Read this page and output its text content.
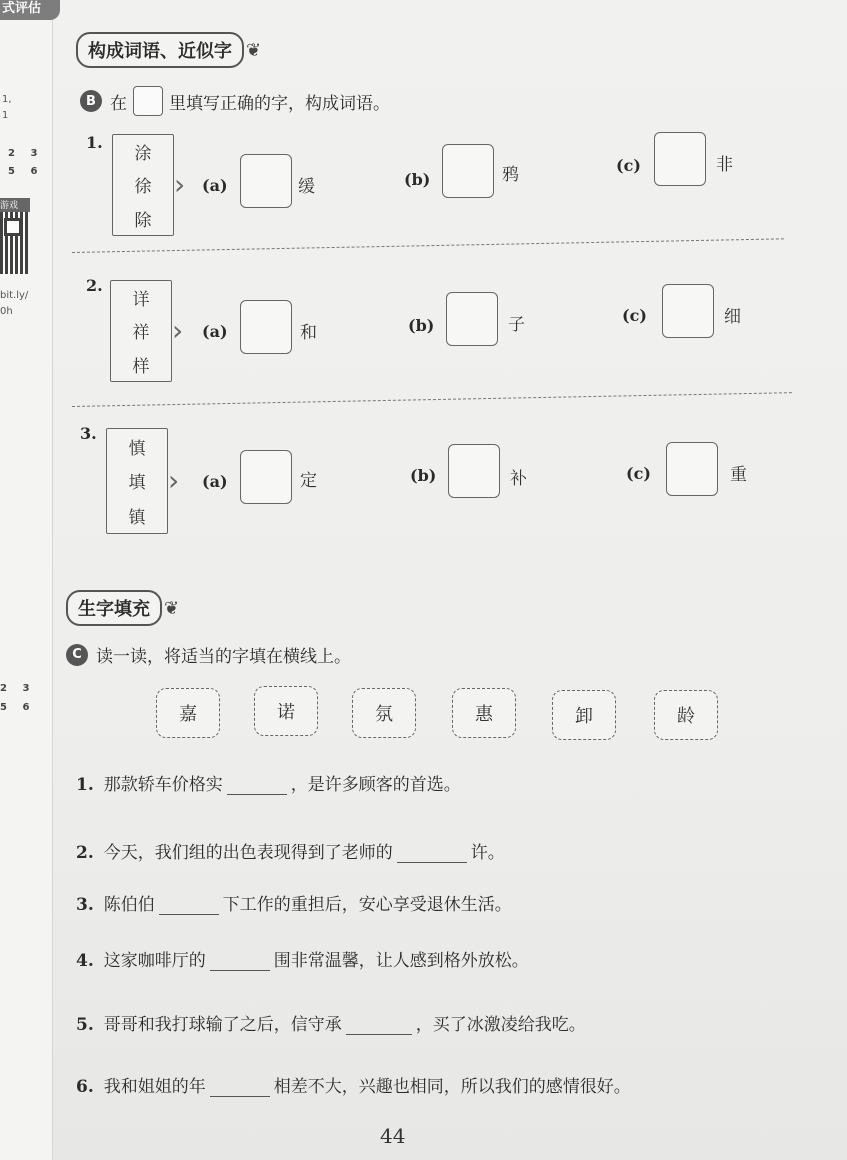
1,
1
2 3
5 6
游戏
bit.ly/
0h
2 3
5 6
式评估
构成词语、近似字 ❦
B 在 里填写正确的字，构成词语。
1.
涂
徐
除
› (a)	缓	(b)	鸦	(c)	非
2.
详
祥
样
› (a)	和	(b)	子	(c)	细
3.
慎
填
镇
› (a)	定	(b)	补	(c)	重
生字填充 ❦
C 读一读，将适当的字填在横线上。
嘉	诺	氛	惠	卸	龄
1. 那款轿车价格实	，是许多顾客的首选。
2. 今天，我们组的出色表现得到了老师的	许。
3. 陈伯伯	下工作的重担后，安心享受退休生活。
4. 这家咖啡厅的	围非常温馨，让人感到格外放松。
5. 哥哥和我打球输了之后，信守承	，买了冰激凌给我吃。
6. 我和姐姐的年	相差不大，兴趣也相同，所以我们的感情很好。
44
